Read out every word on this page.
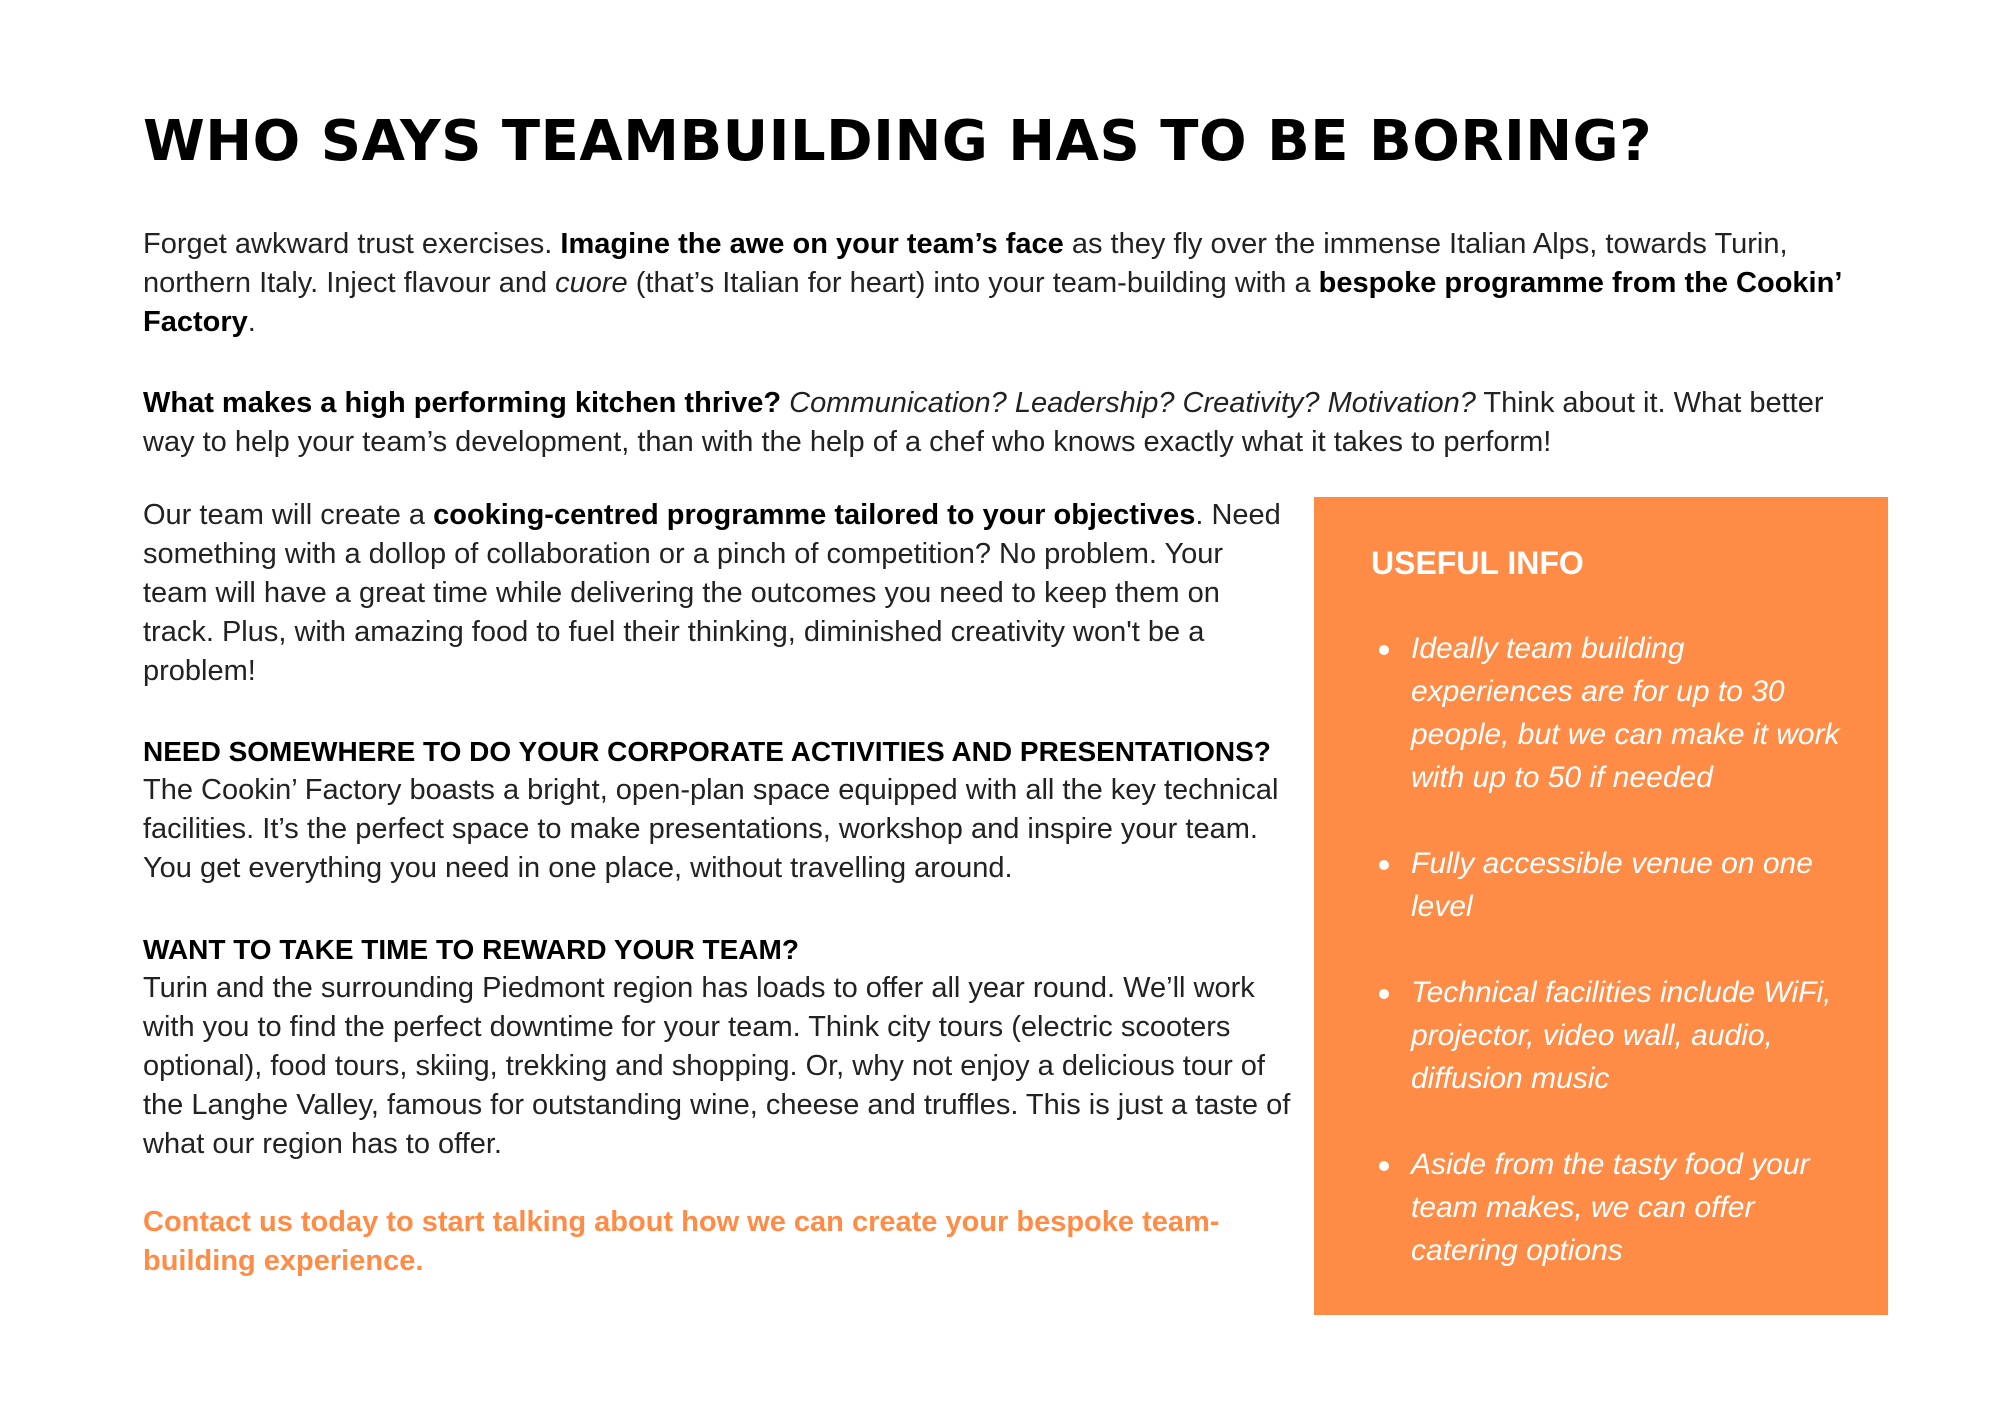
WHO SAYS TEAMBUILDING HAS TO BE BORING?

Forget awkward trust exercises. Imagine the awe on your team’s face as they fly over the immense Italian Alps, towards Turin, northern Italy. Inject flavour and cuore (that’s Italian for heart) into your team-building with a bespoke programme from the Cookin’ Factory.

What makes a high performing kitchen thrive? Communication? Leadership? Creativity? Motivation? Think about it. What better way to help your team’s development, than with the help of a chef who knows exactly what it takes to perform!

Our team will create a cooking-centred programme tailored to your objectives. Need something with a dollop of collaboration or a pinch of competition? No problem. Your team will have a great time while delivering the outcomes you need to keep them on track. Plus, with amazing food to fuel their thinking, diminished creativity won't be a problem!

NEED SOMEWHERE TO DO YOUR CORPORATE ACTIVITIES AND PRESENTATIONS?

The Cookin’ Factory boasts a bright, open-plan space equipped with all the key technical facilities. It’s the perfect space to make presentations, workshop and inspire your team. You get everything you need in one place, without travelling around.

WANT TO TAKE TIME TO REWARD YOUR TEAM?

Turin and the surrounding Piedmont region has loads to offer all year round. We’ll work with you to find the perfect downtime for your team. Think city tours (electric scooters optional), food tours, skiing, trekking and shopping. Or, why not enjoy a delicious tour of the Langhe Valley, famous for outstanding wine, cheese and truffles. This is just a taste of what our region has to offer.

Contact us today to start talking about how we can create your bespoke team-building experience.

USEFUL INFO
Ideally team building experiences are for up to 30 people, but we can make it work with up to 50 if needed
Fully accessible venue on one level
Technical facilities include WiFi, projector, video wall, audio, diffusion music
Aside from the tasty food your team makes, we can offer catering options
